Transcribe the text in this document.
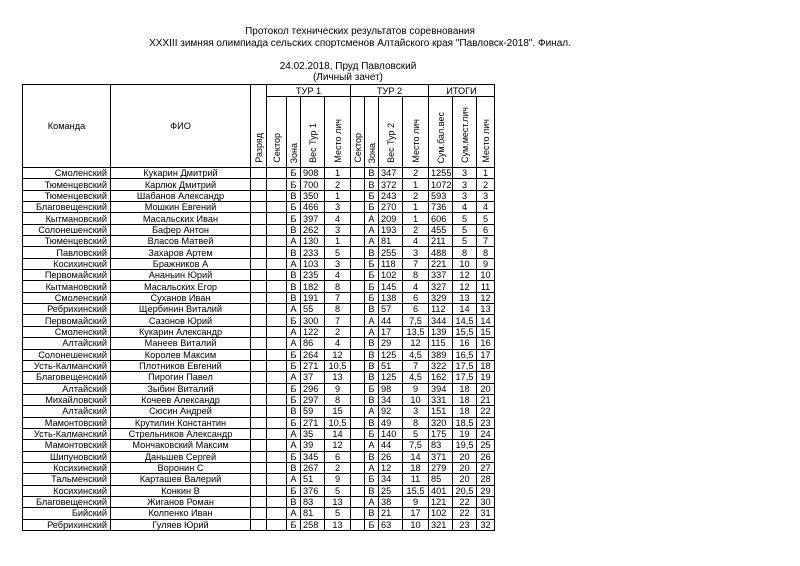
Протокол технических результатов соревнования
XXXIII зимняя олимпиада сельских спортсменов Алтайского края "Павловск-2018". Финал.
24.02.2018, Пруд Павловский
(Личный зачет)
Команда	ФИО	Разряд	ТУР 1				ТУР 2				ИТОГИ		
			Сектор	Зона	Вес Тур 1	Место лич	Сектор	Зона	Вес Тур 2	Место лич	Сум.бал.вес	Сум.мест.лич	Место лич
Смоленский	Кукарин Дмитрий			Б	908	1		В	347	2	1255	3	1
Тюменцевский	Карлюк Дмитрий			Б	700	2		В	372	1	1072	3	2
Тюменцевский	Шабанов Александр			В	350	1		Б	243	2	593	3	3
Благовещенский	Мошкин Евгений			Б	466	3		Б	270	1	736	4	4
Кытмановский	Масальских Иван			Б	397	4		А	209	1	606	5	5
Солонешенский	Бафер Антон			В	262	3		А	193	2	455	5	6
Тюменцевский	Власов Матвей			А	130	1		А	81	4	211	5	7
Павловский	Захаров Артем			В	233	5		В	255	3	488	8	8
Косихинский	Бражников А			А	103	3		Б	118	7	221	10	9
Первомайский	Ананьин Юрий			В	235	4		Б	102	8	337	12	10
Кытмановский	Масальских Егор			В	182	8		Б	145	4	327	12	11
Смоленский	Суханов Иван			В	191	7		Б	138	6	329	13	12
Ребрихинский	Щербинин Виталий			А	55	8		В	57	6	112	14	13
Первомайский	Сазонов Юрий			Б	300	7		А	44	7,5	344	14,5	14
Смоленский	Кукарин Александр			А	122	2		А	17	13,5	139	15,5	15
Алтайский	Манеев Виталий			А	86	4		В	29	12	115	16	16
Солонешенский	Королев Максим			Б	264	12		В	125	4,5	389	16,5	17
Усть-Калманский	Плотников Евгений			Б	271	10,5		В	51	7	322	17,5	18
Благовещенский	Пирогин Павел			А	37	13		В	125	4,5	162	17,5	19
Алтайский	Зыбин Виталий			Б	296	9		Б	98	9	394	18	20
Михайловский	Кочеев Александр			Б	297	8		В	34	10	331	18	21
Алтайский	Сюсин Андрей			В	59	15		А	92	3	151	18	22
Мамонтовский	Крутилин Константин			Б	271	10,5		В	49	8	320	18,5	23
Усть-Калманский	Стрельников Александр			А	35	14		Б	140	5	175	19	24
Мамонтовский	Мончаковский Максим			А	39	12		А	44	7,5	83	19,5	25
Шипуновский	Даньшев Сергей			Б	345	6		В	26	14	371	20	26
Косихинский	Воронин С			В	267	2		А	12	18	279	20	27
Тальменский	Карташев Валерий			А	51	9		Б	34	11	85	20	28
Косихинский	Конкин В			Б	376	5		В	25	15,5	401	20,5	29
Благовещенский	Жиганов Роман			В	83	13		А	38	9	121	22	30
Бийский	Колпенко Иван			А	81	5		В	21	17	102	22	31
Ребрихинский	Гуляев Юрий			Б	258	13		Б	63	10	321	23	32
